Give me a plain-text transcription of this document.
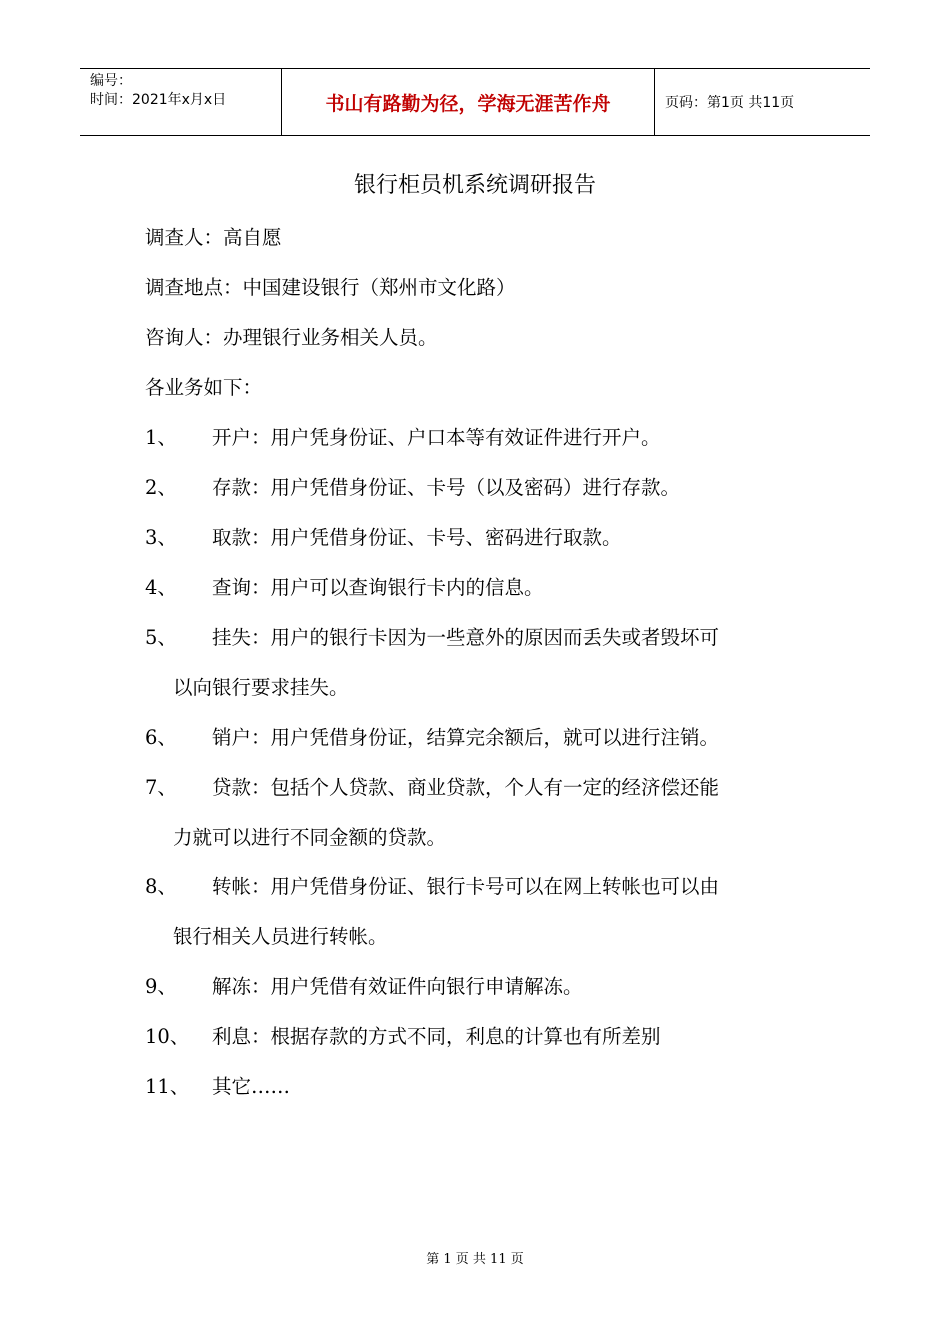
编号：
时间：2021年x月x日	书山有路勤为径，学海无涯苦作舟	页码：第1页 共11页
银行柜员机系统调研报告
调查人：高自愿
调查地点：中国建设银行（郑州市文化路）
咨询人：办理银行业务相关人员。
各业务如下：
1、 开户：用户凭身份证、户口本等有效证件进行开户。
2、 存款：用户凭借身份证、卡号（以及密码）进行存款。
3、 取款：用户凭借身份证、卡号、密码进行取款。
4、 查询：用户可以查询银行卡内的信息。
5、 挂失：用户的银行卡因为一些意外的原因而丢失或者毁坏可
以向银行要求挂失。
6、 销户：用户凭借身份证，结算完余额后，就可以进行注销。
7、 贷款：包括个人贷款、商业贷款，个人有一定的经济偿还能
力就可以进行不同金额的贷款。
8、 转帐：用户凭借身份证、银行卡号可以在网上转帐也可以由
银行相关人员进行转帐。
9、 解冻：用户凭借有效证件向银行申请解冻。
10、 利息：根据存款的方式不同，利息的计算也有所差别
11、 其它……
第 1 页 共 11 页
